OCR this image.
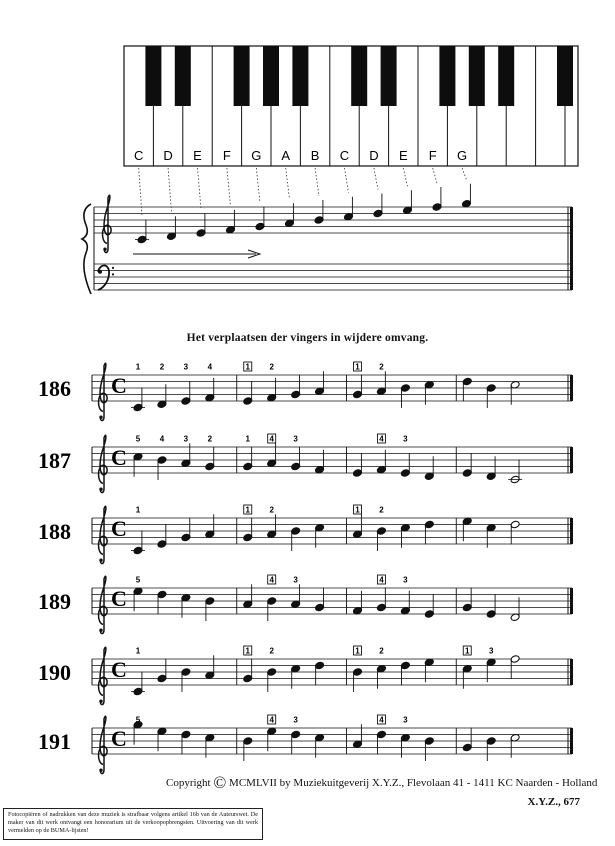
C D E F G A B C D E F G
186 C
1 2 3 4	1 2	1 2
187 C
5 4 3 2	1 4 3	4 3
188 C
1	1 2	1 2
189 C
5	4 3	4 3
190 C
1	1 2	1 2	1 3
191 C
5	4 3	4 3
Het verplaatsen der vingers in wijdere omvang.
Copyright © MCMLVII by Muziekuitgeverij X.Y.Z., Flevolaan 41 - 1411 KC Naarden - Holland
X.Y.Z., 677
Fotocopiëren of nadrukken van deze muziek is strafbaar volgens artikel 16b van de Auteurswet. De maker van dit werk ontvangt een honorarium uit de verkoopopbrengsten. Uitvoering van dit werk vermelden op de BUMA-lijsten!
